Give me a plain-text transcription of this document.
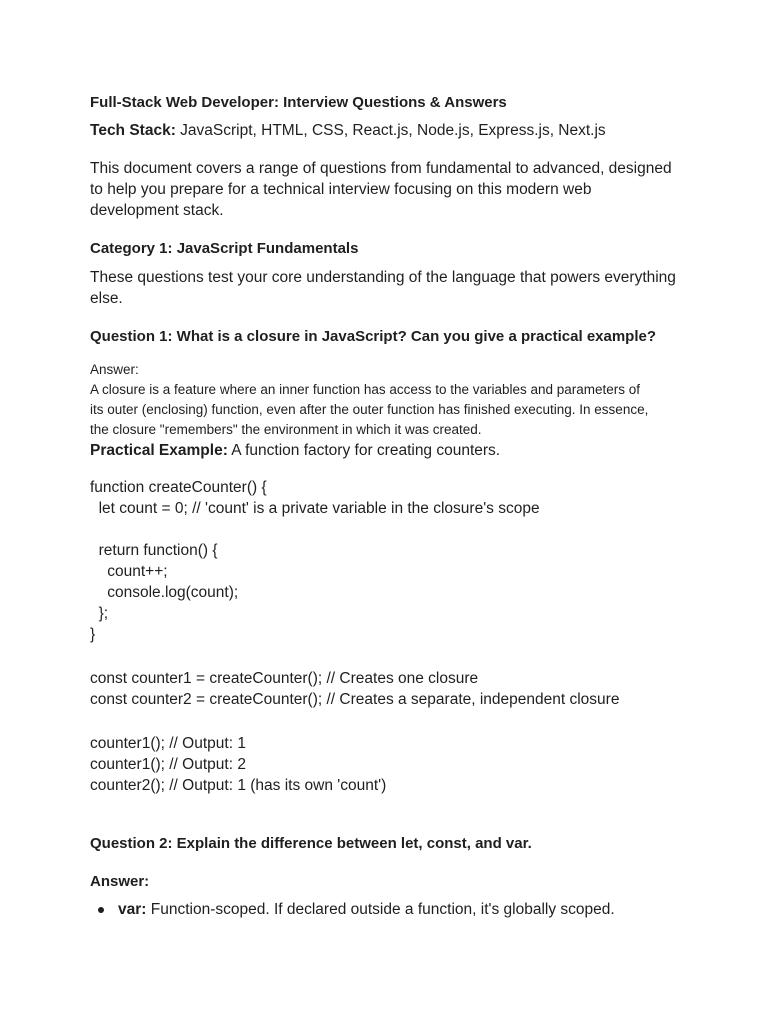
Full-Stack Web Developer: Interview Questions & Answers
Tech Stack: JavaScript, HTML, CSS, React.js, Node.js, Express.js, Next.js
This document covers a range of questions from fundamental to advanced, designed
to help you prepare for a technical interview focusing on this modern web
development stack.
Category 1: JavaScript Fundamentals
These questions test your core understanding of the language that powers everything
else.
Question 1: What is a closure in JavaScript? Can you give a practical example?
Answer:
A closure is a feature where an inner function has access to the variables and parameters of
its outer (enclosing) function, even after the outer function has finished executing. In essence,
the closure "remembers" the environment in which it was created.
Practical Example: A function factory for creating counters.
function createCounter() {
let count = 0; // 'count' is a private variable in the closure's scope
return function() {
count++;
console.log(count);
};
}
const counter1 = createCounter(); // Creates one closure
const counter2 = createCounter(); // Creates a separate, independent closure
counter1(); // Output: 1
counter1(); // Output: 2
counter2(); // Output: 1 (has its own 'count')
Question 2: Explain the difference between let, const, and var.
Answer:
var: Function-scoped. If declared outside a function, it's globally scoped.
